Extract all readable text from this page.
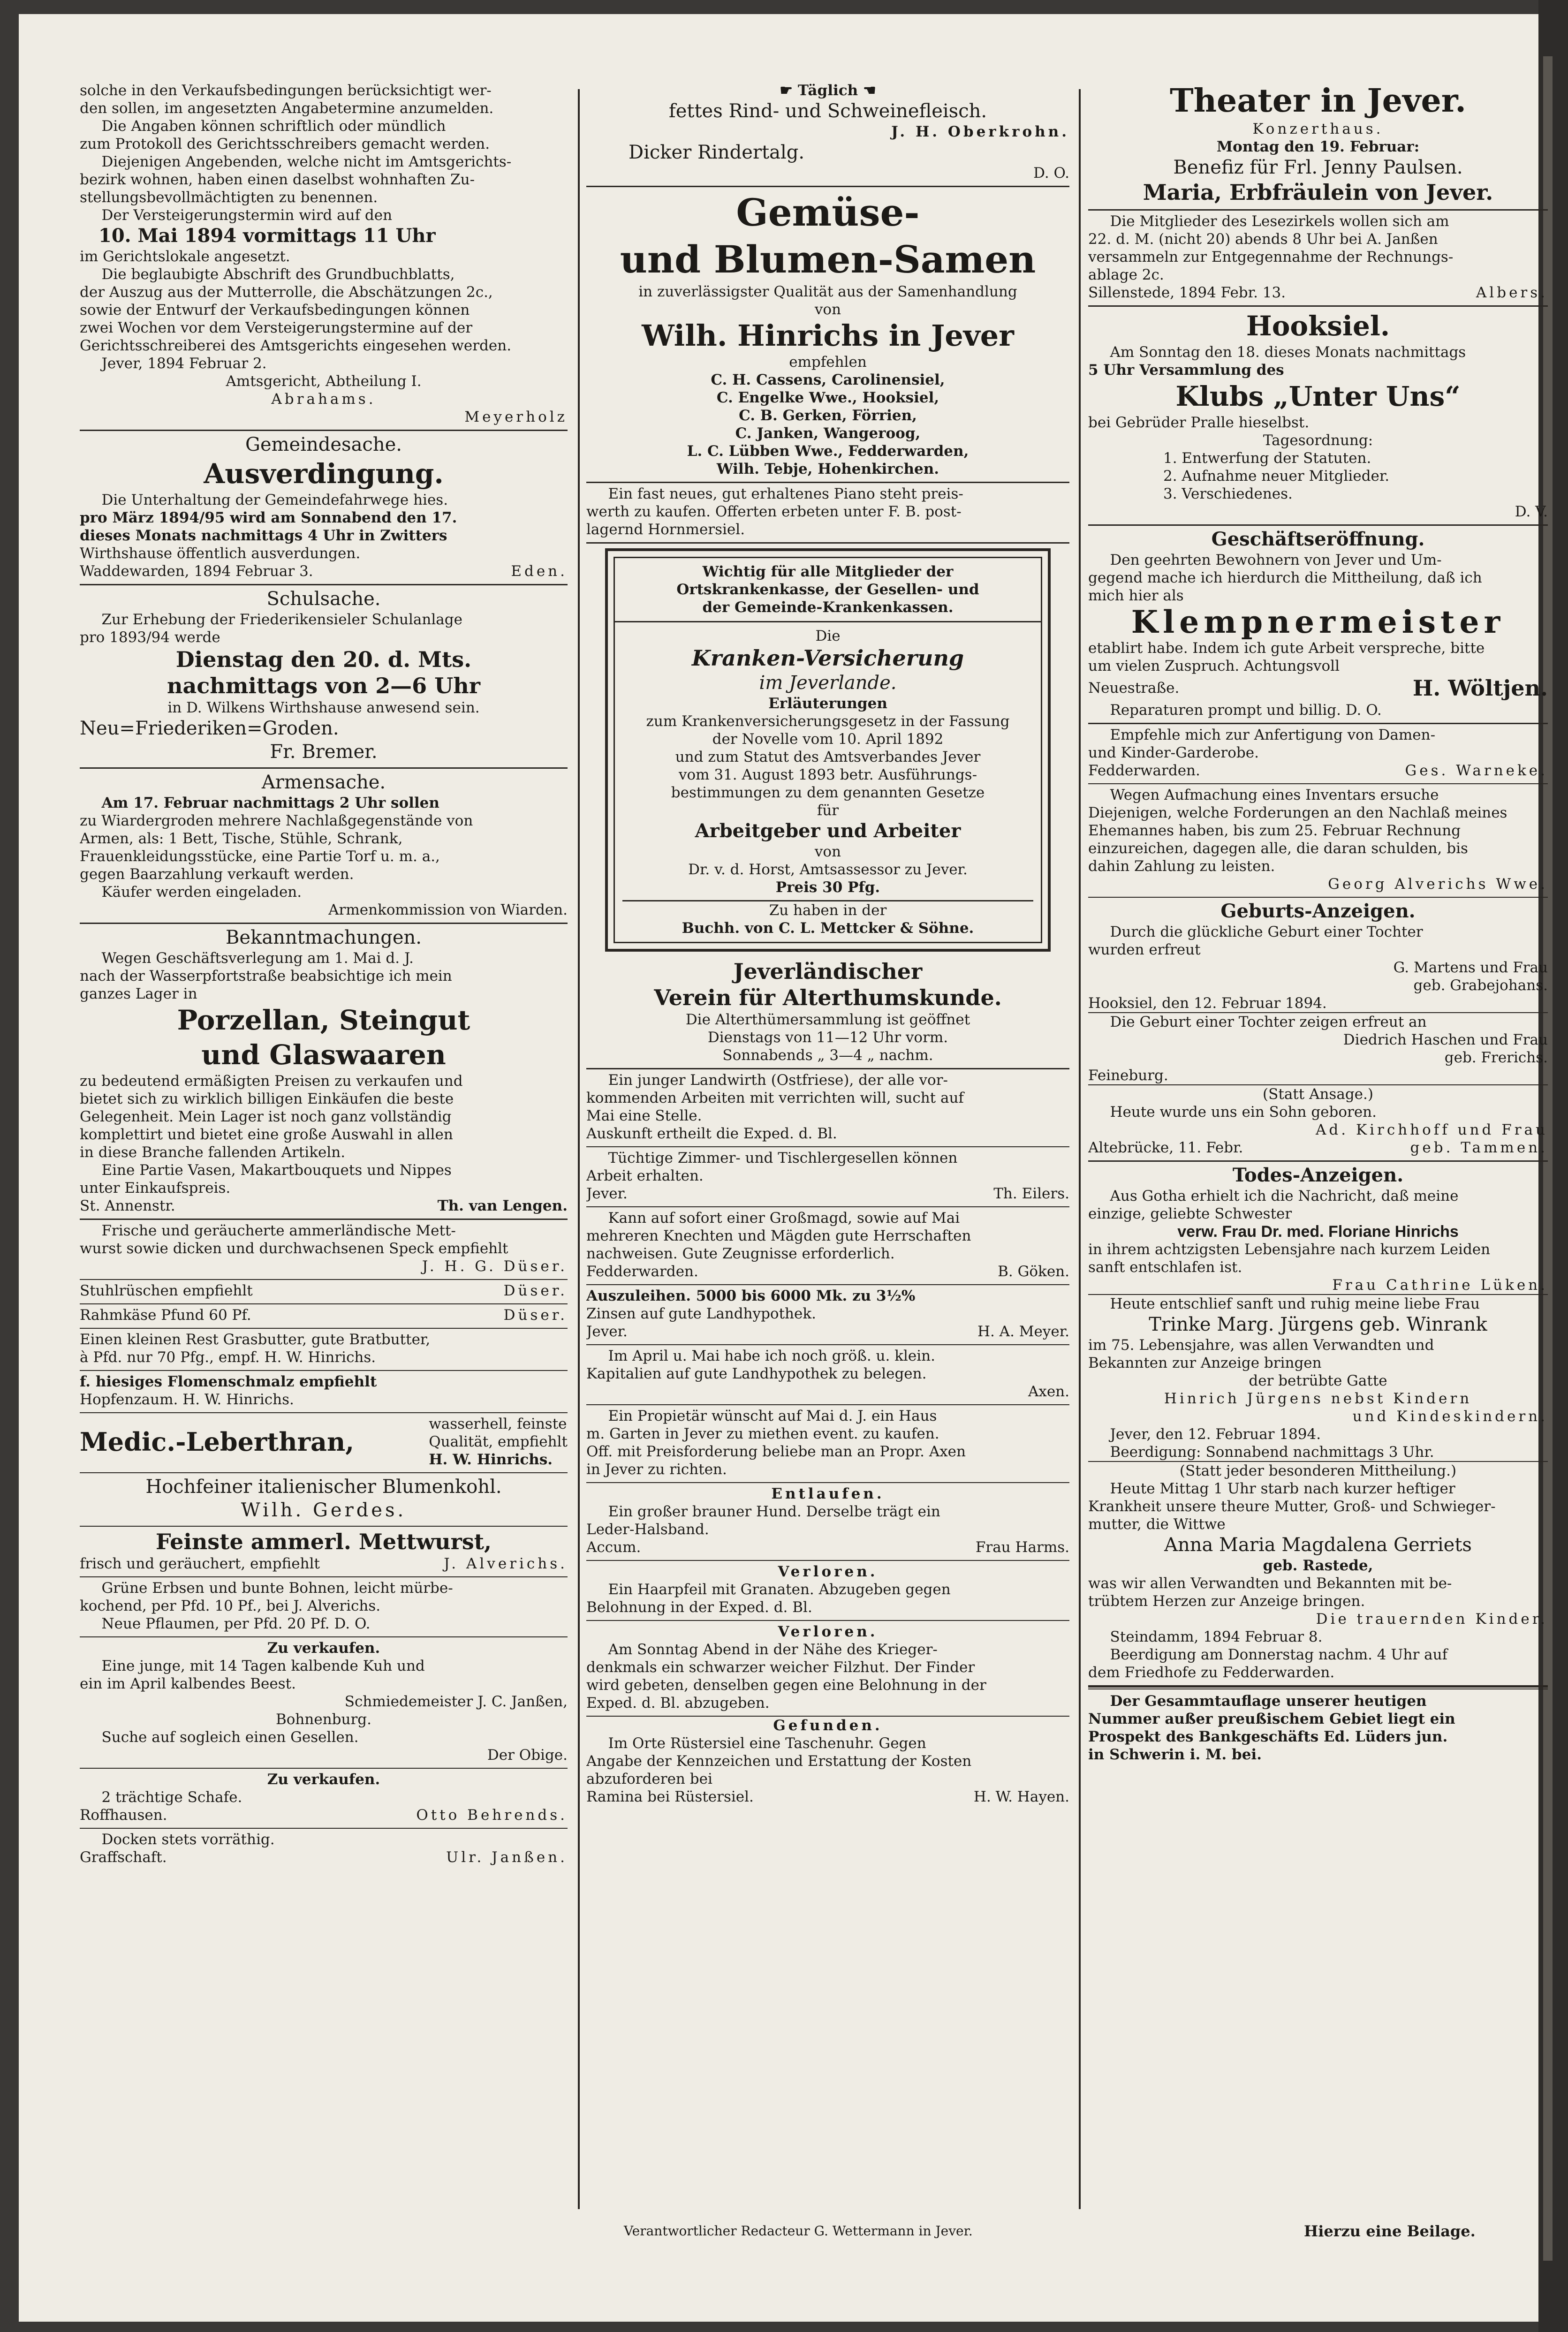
solche in den Verkaufsbedingungen berücksichtigt wer-

den sollen, im angesetzten Angabetermine anzumelden.

Die Angaben können schriftlich oder mündlich

zum Protokoll des Gerichtsschreibers gemacht werden.

Diejenigen Angebenden, welche nicht im Amtsgerichts-

bezirk wohnen, haben einen daselbst wohnhaften Zu-

stellungsbevollmächtigten zu benennen.

Der Versteigerungstermin wird auf den

10. Mai 1894 vormittags 11 Uhr

im Gerichtslokale angesetzt.

Die beglaubigte Abschrift des Grundbuchblatts,

der Auszug aus der Mutterrolle, die Abschätzungen 2c.,

sowie der Entwurf der Verkaufsbedingungen können

zwei Wochen vor dem Versteigerungstermine auf der

Gerichtsschreiberei des Amtsgerichts eingesehen werden.

Jever, 1894 Februar 2.

Amtsgericht, Abtheilung I.

Abrahams.

Meyerholz

Gemeindesache.

Ausverdingung.

Die Unterhaltung der Gemeindefahrwege hies.

pro März 1894/95 wird am Sonnabend den 17.

dieses Monats nachmittags 4 Uhr in Zwitters

Wirthshause öffentlich ausverdungen.

Waddewarden, 1894 Februar 3.	Eden.

Schulsache.

Zur Erhebung der Friederikensieler Schulanlage

pro 1893/94 werde

Dienstag den 20. d. Mts.

nachmittags von 2—6 Uhr

in D. Wilkens Wirthshause anwesend sein.

Neu=Friederiken=Groden.

Fr. Bremer.

Armensache.

Am 17. Februar nachmittags 2 Uhr sollen

zu Wiardergroden mehrere Nachlaßgegenstände von

Armen, als: 1 Bett, Tische, Stühle, Schrank,

Frauenkleidungsstücke, eine Partie Torf u. m. a.,

gegen Baarzahlung verkauft werden.

Käufer werden eingeladen.

Armenkommission von Wiarden.

Bekanntmachungen.

Wegen Geschäftsverlegung am 1. Mai d. J.

nach der Wasserpfortstraße beabsichtige ich mein

ganzes Lager in

Porzellan, Steingut

und Glaswaaren

zu bedeutend ermäßigten Preisen zu verkaufen und

bietet sich zu wirklich billigen Einkäufen die beste

Gelegenheit. Mein Lager ist noch ganz vollständig

komplettirt und bietet eine große Auswahl in allen

in diese Branche fallenden Artikeln.

Eine Partie Vasen, Makartbouquets und Nippes

unter Einkaufspreis.

St. Annenstr.	Th. van Lengen.

Frische und geräucherte ammerländische Mett-

wurst sowie dicken und durchwachsenen Speck empfiehlt

J. H. G. Düser.

Stuhlrüschen empfiehlt	Düser.
Rahmkäse Pfund 60 Pf.	Düser.

Einen kleinen Rest Grasbutter, gute Bratbutter,

à Pfd. nur 70 Pfg., empf. H. W. Hinrichs.

f. hiesiges Flomenschmalz empfiehlt

Hopfenzaum. H. W. Hinrichs.

Medic.-Leberthran,

wasserhell, feinste

Qualität, empfiehlt

H. W. Hinrichs.

Hochfeiner italienischer Blumenkohl.

Wilh. Gerdes.

Feinste ammerl. Mettwurst,

frisch und geräuchert, empfiehlt	J. Alverichs.

Grüne Erbsen und bunte Bohnen, leicht mürbe-

kochend, per Pfd. 10 Pf., bei J. Alverichs.

Neue Pflaumen, per Pfd. 20 Pf. D. O.

Zu verkaufen.

Eine junge, mit 14 Tagen kalbende Kuh und

ein im April kalbendes Beest.

Schmiedemeister J. C. Janßen,

Bohnenburg.

Suche auf sogleich einen Gesellen.

Der Obige.

Zu verkaufen.

2 trächtige Schafe.

Roffhausen.	Otto Behrends.

Docken stets vorräthig.

Graffschaft.	Ulr. Janßen.

☛ Täglich ☚

fettes Rind- und Schweinefleisch.

J. H. Oberkrohn.

Dicker Rindertalg.

D. O.

Gemüse-

und Blumen-Samen

in zuverlässigster Qualität aus der Samenhandlung

von

Wilh. Hinrichs in Jever

empfehlen

C. H. Cassens, Carolinensiel,

C. Engelke Wwe., Hooksiel,

C. B. Gerken, Förrien,

C. Janken, Wangeroog,

L. C. Lübben Wwe., Fedderwarden,

Wilh. Tebje, Hohenkirchen.

Ein fast neues, gut erhaltenes Piano steht preis-

werth zu kaufen. Offerten erbeten unter F. B. post-

lagernd Hornmersiel.

Wichtig für alle Mitglieder der

Ortskrankenkasse, der Gesellen- und

der Gemeinde-Krankenkassen.

Die

Kranken-Versicherung

im Jeverlande.

Erläuterungen

zum Krankenversicherungsgesetz in der Fassung

der Novelle vom 10. April 1892

und zum Statut des Amtsverbandes Jever

vom 31. August 1893 betr. Ausführungs-

bestimmungen zu dem genannten Gesetze

für

Arbeitgeber und Arbeiter

von

Dr. v. d. Horst, Amtsassessor zu Jever.

Preis 30 Pfg.

Zu haben in der

Buchh. von C. L. Mettcker & Söhne.

Jeverländischer

Verein für Alterthumskunde.

Die Alterthümersammlung ist geöffnet

Dienstags von 11—12 Uhr vorm.

Sonnabends „ 3—4 „ nachm.

Ein junger Landwirth (Ostfriese), der alle vor-

kommenden Arbeiten mit verrichten will, sucht auf

Mai eine Stelle.

Auskunft ertheilt die Exped. d. Bl.

Tüchtige Zimmer- und Tischlergesellen können

Arbeit erhalten.

Jever.	Th. Eilers.

Kann auf sofort einer Großmagd, sowie auf Mai

mehreren Knechten und Mägden gute Herrschaften

nachweisen. Gute Zeugnisse erforderlich.

Fedderwarden.	B. Göken.

Auszuleihen. 5000 bis 6000 Mk. zu 3½%

Zinsen auf gute Landhypothek.

Jever.	H. A. Meyer.

Im April u. Mai habe ich noch größ. u. klein.

Kapitalien auf gute Landhypothek zu belegen.

Axen.

Ein Propietär wünscht auf Mai d. J. ein Haus

m. Garten in Jever zu miethen event. zu kaufen.

Off. mit Preisforderung beliebe man an Propr. Axen

in Jever zu richten.

Entlaufen.

Ein großer brauner Hund. Derselbe trägt ein

Leder-Halsband.

Accum.	Frau Harms.

Verloren.

Ein Haarpfeil mit Granaten. Abzugeben gegen

Belohnung in der Exped. d. Bl.

Verloren.

Am Sonntag Abend in der Nähe des Krieger-

denkmals ein schwarzer weicher Filzhut. Der Finder

wird gebeten, denselben gegen eine Belohnung in der

Exped. d. Bl. abzugeben.

Gefunden.

Im Orte Rüstersiel eine Taschenuhr. Gegen

Angabe der Kennzeichen und Erstattung der Kosten

abzuforderen bei

Ramina bei Rüstersiel.	H. W. Hayen.

Theater in Jever.

Konzerthaus.

Montag den 19. Februar:

Benefiz für Frl. Jenny Paulsen.

Maria, Erbfräulein von Jever.

Die Mitglieder des Lesezirkels wollen sich am

22. d. M. (nicht 20) abends 8 Uhr bei A. Janßen

versammeln zur Entgegennahme der Rechnungs-

ablage 2c.

Sillenstede, 1894 Febr. 13.	Albers.

Hooksiel.

Am Sonntag den 18. dieses Monats nachmittags

5 Uhr Versammlung des

Klubs „Unter Uns“

bei Gebrüder Pralle hieselbst.

Tagesordnung:

1. Entwerfung der Statuten.

2. Aufnahme neuer Mitglieder.

3. Verschiedenes.

D. V.

Geschäftseröffnung.

Den geehrten Bewohnern von Jever und Um-

gegend mache ich hierdurch die Mittheilung, daß ich

mich hier als

Klempnermeister

etablirt habe. Indem ich gute Arbeit verspreche, bitte

um vielen Zuspruch. Achtungsvoll

Neuestraße.	H. Wöltjen.

Reparaturen prompt und billig. D. O.

Empfehle mich zur Anfertigung von Damen-

und Kinder-Garderobe.

Fedderwarden.	Ges. Warneke.

Wegen Aufmachung eines Inventars ersuche

Diejenigen, welche Forderungen an den Nachlaß meines

Ehemannes haben, bis zum 25. Februar Rechnung

einzureichen, dagegen alle, die daran schulden, bis

dahin Zahlung zu leisten.

Georg Alverichs Wwe.

Geburts-Anzeigen.

Durch die glückliche Geburt einer Tochter

wurden erfreut

G. Martens und Frau

geb. Grabejohans.

Hooksiel, den 12. Februar 1894.

Die Geburt einer Tochter zeigen erfreut an

Diedrich Haschen und Frau

geb. Frerichs.

Feineburg.

(Statt Ansage.)

Heute wurde uns ein Sohn geboren.

Ad. Kirchhoff und Frau

Altebrücke, 11. Febr.	geb. Tammen.

Todes-Anzeigen.

Aus Gotha erhielt ich die Nachricht, daß meine

einzige, geliebte Schwester

verw. Frau Dr. med. Floriane Hinrichs

in ihrem achtzigsten Lebensjahre nach kurzem Leiden

sanft entschlafen ist.

Frau Cathrine Lüken.

Heute entschlief sanft und ruhig meine liebe Frau

Trinke Marg. Jürgens geb. Winrank

im 75. Lebensjahre, was allen Verwandten und

Bekannten zur Anzeige bringen

der betrübte Gatte

Hinrich Jürgens nebst Kindern

und Kindeskindern.

Jever, den 12. Februar 1894.

Beerdigung: Sonnabend nachmittags 3 Uhr.

(Statt jeder besonderen Mittheilung.)

Heute Mittag 1 Uhr starb nach kurzer heftiger

Krankheit unsere theure Mutter, Groß- und Schwieger-

mutter, die Wittwe

Anna Maria Magdalena Gerriets

geb. Rastede,

was wir allen Verwandten und Bekannten mit be-

trübtem Herzen zur Anzeige bringen.

Die trauernden Kinder.

Steindamm, 1894 Februar 8.

Beerdigung am Donnerstag nachm. 4 Uhr auf

dem Friedhofe zu Fedderwarden.

Der Gesammtauflage unserer heutigen

Nummer außer preußischem Gebiet liegt ein

Prospekt des Bankgeschäfts Ed. Lüders jun.

in Schwerin i. M. bei.

Verantwortlicher Redacteur G. Wettermann in Jever.	Hierzu eine Beilage.
